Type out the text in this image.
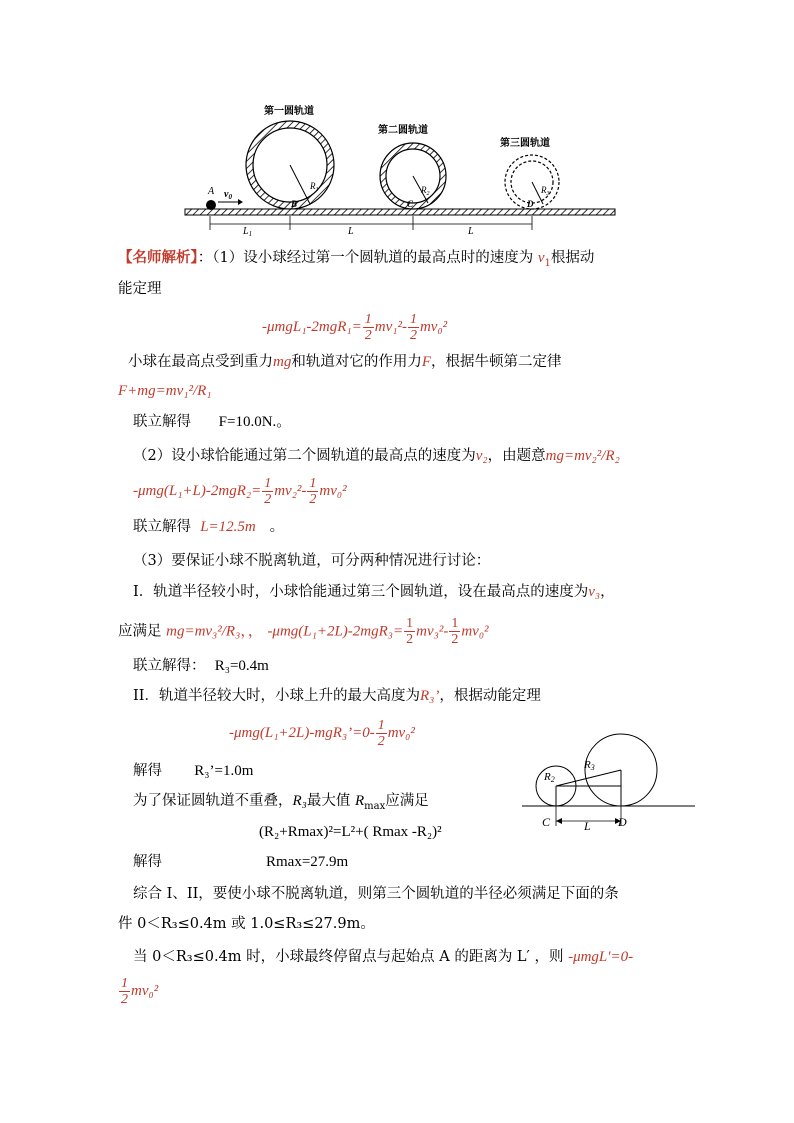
第一圆轨道
第二圆轨道
第三圆轨道
A $v_0$
B	C	D
$R_1$	$R_2$	$R_3$
$L_1$	L	L
【名师解析】：（1）设小球经过第一个圆轨道的最高点时的速度为 $v_1$根据动
能定理
$-\mu mgL_1-2mgR_1= \frac{1}{2} mv_1^2- \frac{1}{2} mv_0^2$
小球在最高点受到重力mg和轨道对它的作用力F，根据牛顿第二定律
F+mg=mv₁²/R₁
联立解得 F=10.0N.。
（2）设小球恰能通过第二个圆轨道的最高点的速度为v₂，由题意mg=mv₂²/R₂
$-\mu mg(L_1+L)-2mgR_2= \frac{1}{2} mv_2^2- \frac{1}{2} mv_0^2$
联立解得 L=12.5m 。
（3）要保证小球不脱离轨道，可分两种情况进行讨论：
I．轨道半径较小时，小球恰能通过第三个圆轨道，设在最高点的速度为v₃，
应满足 mg=mv₃²/R₃，， $-\mu mg(L_1+2L)-2mgR_3= \frac{1}{2} mv_3^2- \frac{1}{2} mv_0^2$
联立解得： R₃=0.4m
II．轨道半径较大时，小球上升的最大高度为R₃’，根据动能定理
-μmg(L₁+2L)-mgR₃’=0- $\frac{1}{2} mv_0^2$
解得 R₃’=1.0m
为了保证圆轨道不重叠，R₃最大值 $R_{max}$应满足
(R₂+Rmax)²=L²+( Rmax -R₂)²
解得	Rmax=27.9m
综合 I、II，要使小球不脱离轨道，则第三个圆轨道的半径必须满足下面的条
件 0＜R₃≤0.4m 或 1.0≤R₃≤27.9m。
当 0＜R₃≤0.4m 时，小球最终停留点与起始点 A 的距离为 L′ ，则 -μmgL′=0-
$\frac{1}{2} mv_0^2$
R2
R3
C	D
L
